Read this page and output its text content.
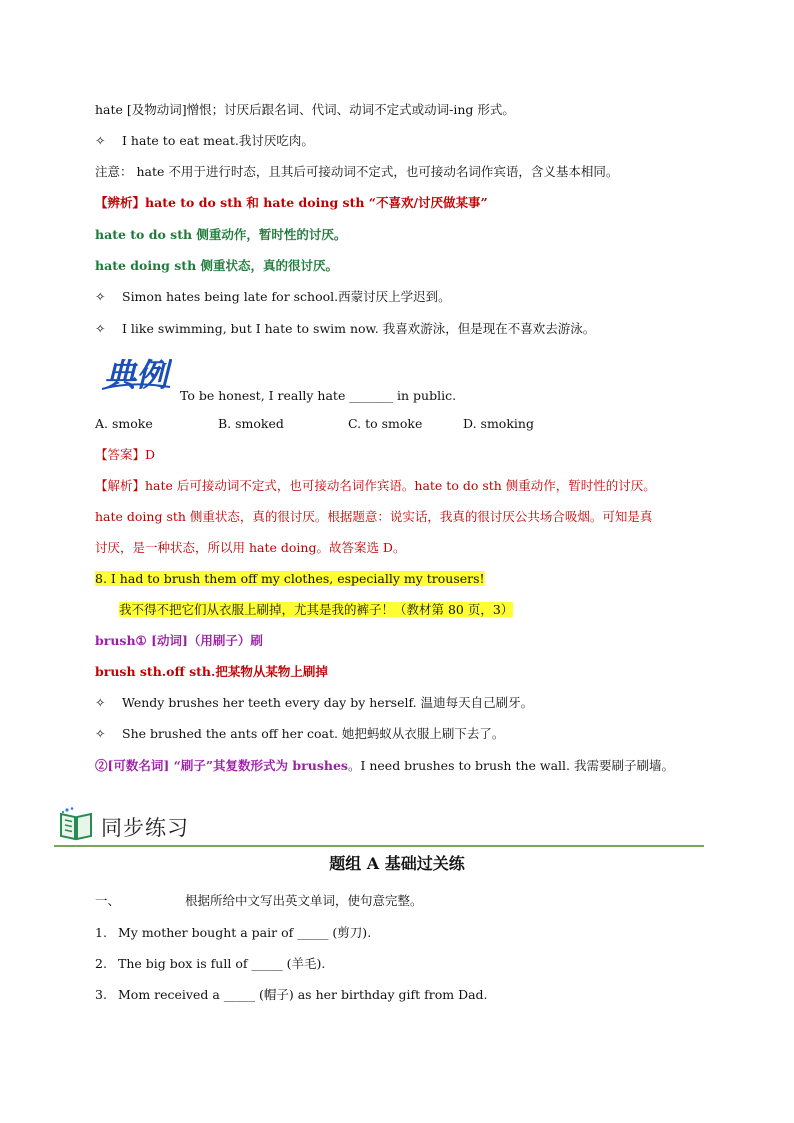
hate [及物动词]憎恨；讨厌后跟名词、代词、动词不定式或动词-ing 形式。
✧ I hate to eat meat.我讨厌吃肉。
注意： hate 不用于进行时态，且其后可接动词不定式，也可接动名词作宾语，含义基本相同。
【辨析】hate to do sth 和 hate doing sth “不喜欢/讨厌做某事”
hate to do sth 侧重动作，暂时性的讨厌。
hate doing sth 侧重状态，真的很讨厌。
✧ Simon hates being late for school.西蒙讨厌上学迟到。
✧ I like swimming, but I hate to swim now. 我喜欢游泳，但是现在不喜欢去游泳。
典例
To be honest, I really hate _______ in public.
A. smoke	B. smoked	C. to smoke	D. smoking
【答案】D
【解析】hate 后可接动词不定式，也可接动名词作宾语。hate to do sth 侧重动作，暂时性的讨厌。
hate doing sth 侧重状态，真的很讨厌。根据题意：说实话，我真的很讨厌公共场合吸烟。可知是真
讨厌，是一种状态，所以用 hate doing。故答案选 D。
8. I had to brush them off my clothes, especially my trousers!
我不得不把它们从衣服上刷掉，尤其是我的裤子！（教材第 80 页，3）
brush① [动词]（用刷子）刷
brush sth.off sth.把某物从某物上刷掉
✧ Wendy brushes her teeth every day by herself. 温迪每天自己刷牙。
✧ She brushed the ants off her coat. 她把蚂蚁从衣服上刷下去了。
②[可数名词] “刷子”其复数形式为 brushes。I need brushes to brush the wall. 我需要刷子刷墙。
同步练习
题组 A 基础过关练
一、	根据所给中文写出英文单词，使句意完整。
1. My mother bought a pair of _____ (剪刀).
2. The big box is full of _____ (羊毛).
3. Mom received a _____ (帽子) as her birthday gift from Dad.
